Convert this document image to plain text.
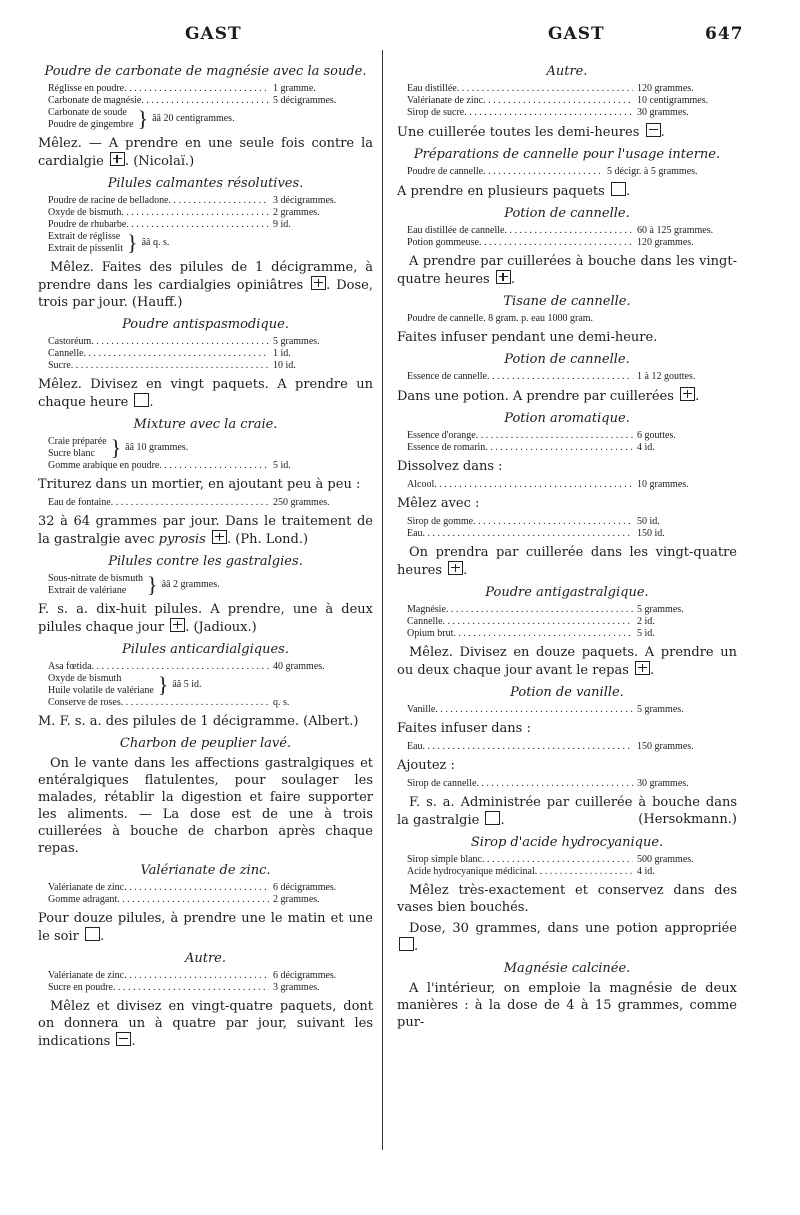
GAST	GAST	647
Poudre de carbonate de magnésie avec la soude.
Réglisse en poudre . . .	1 gramme.
Carbonate de magnésie . . .	5 décigrammes.
Carbonate de soude
Poudre de gingembre } ââ 20 centigrammes.
Mêlez. — A prendre en une seule fois contre la cardialgie . (Nicolaï.)
Pilules calmantes résolutives.
Poudre de racine de belladone . . .	3 décigrammes.
Oxyde de bismuth . . .	2 grammes.
Poudre de rhubarbe . . .	9 id.
Extrait de réglisse
Extrait de pissenlit } ââ q. s.
Mêlez. Faites des pilules de 1 décigramme, à prendre dans les cardialgies opiniâtres . Dose, trois par jour. (Hauff.)
Poudre antispasmodique.
Castoréum . . .	5 grammes.
Cannelle . . .	1 id.
Sucre . . .	10 id.
Mêlez. Divisez en vingt paquets. A prendre un chaque heure .
Mixture avec la craie.
Craie préparée
Sucre blanc } ââ 10 grammes.
Gomme arabique en poudre . . .	5 id.
Triturez dans un mortier, en ajoutant peu à peu :
Eau de fontaine . . .	250 grammes.
32 à 64 grammes par jour. Dans le traitement de la gastralgie avec pyrosis . (Ph. Lond.)
Pilules contre les gastralgies.
Sous-nitrate de bismuth
Extrait de valériane } ââ 2 grammes.
F. s. a. dix-huit pilules. A prendre, une à deux pilules chaque jour . (Jadioux.)
Pilules anticardialgiques.
Asa fœtida . . .	40 grammes.
Oxyde de bismuth
Huile volatile de valériane } ââ 5 id.
Conserve de roses . . .	q. s.
M. F. s. a. des pilules de 1 décigramme. (Albert.)
Charbon de peuplier lavé.
On le vante dans les affections gastralgiques et entéralgiques flatulentes, pour soulager les malades, rétablir la digestion et faire supporter les aliments. — La dose est de une à trois cuillerées à bouche de charbon après chaque repas.
Valérianate de zinc.
Valérianate de zinc . . .	6 décigrammes.
Gomme adragant . . .	2 grammes.
Pour douze pilules, à prendre une le matin et une le soir .
Autre.
Valérianate de zinc . . .	6 décigrammes.
Sucre en poudre . . .	3 grammes.
Mêlez et divisez en vingt-quatre paquets, dont on donnera un à quatre par jour, suivant les indications .
Autre.
Eau distillée . . .	120 grammes.
Valérianate de zinc . . .	10 centigrammes.
Sirop de sucre . . .	30 grammes.
Une cuillerée toutes les demi-heures .
Préparations de cannelle pour l'usage interne.
Poudre de cannelle . . .	5 décigr. à 5 grammes.
A prendre en plusieurs paquets .
Potion de cannelle.
Eau distillée de cannelle . . .	60 à 125 grammes.
Potion gommeuse . . .	120 grammes.
A prendre par cuillerées à bouche dans les vingt-quatre heures .
Tisane de cannelle.
Poudre de cannelle. 8 gram. p. eau 1000 gram.
Faites infuser pendant une demi-heure.
Potion de cannelle.
Essence de cannelle . . .	1 à 12 gouttes.
Dans une potion. A prendre par cuillerées .
Potion aromatique.
Essence d'orange . . .	6 gouttes.
Essence de romarin . . .	4 id.
Dissolvez dans :
Alcool . . .	10 grammes.
Mêlez avec :
Sirop de gomme . . .	50 id.
Eau . . .	150 id.
On prendra par cuillerée dans les vingt-quatre heures .
Poudre antigastralgique.
Magnésie . . .	5 grammes.
Cannelle . . .	2 id.
Opium brut . . .	5 id.
Mêlez. Divisez en douze paquets. A prendre un ou deux chaque jour avant le repas .
Potion de vanille.
Vanille . . .	5 grammes.
Faites infuser dans :
Eau . . .	150 grammes.
Ajoutez :
Sirop de cannelle . . .	30 grammes.
F. s. a. Administrée par cuillerée à bouche dans la gastralgie .	(Hersokmann.)
Sirop d'acide hydrocyanique.
Sirop simple blanc . . .	500 grammes.
Acide hydrocyanique médicinal . . .	4 id.
Mêlez très-exactement et conservez dans des vases bien bouchés.
Dose, 30 grammes, dans une potion appropriée .
Magnésie calcinée.
A l'intérieur, on emploie la magnésie de deux manières : à la dose de 4 à 15 grammes, comme pur-
